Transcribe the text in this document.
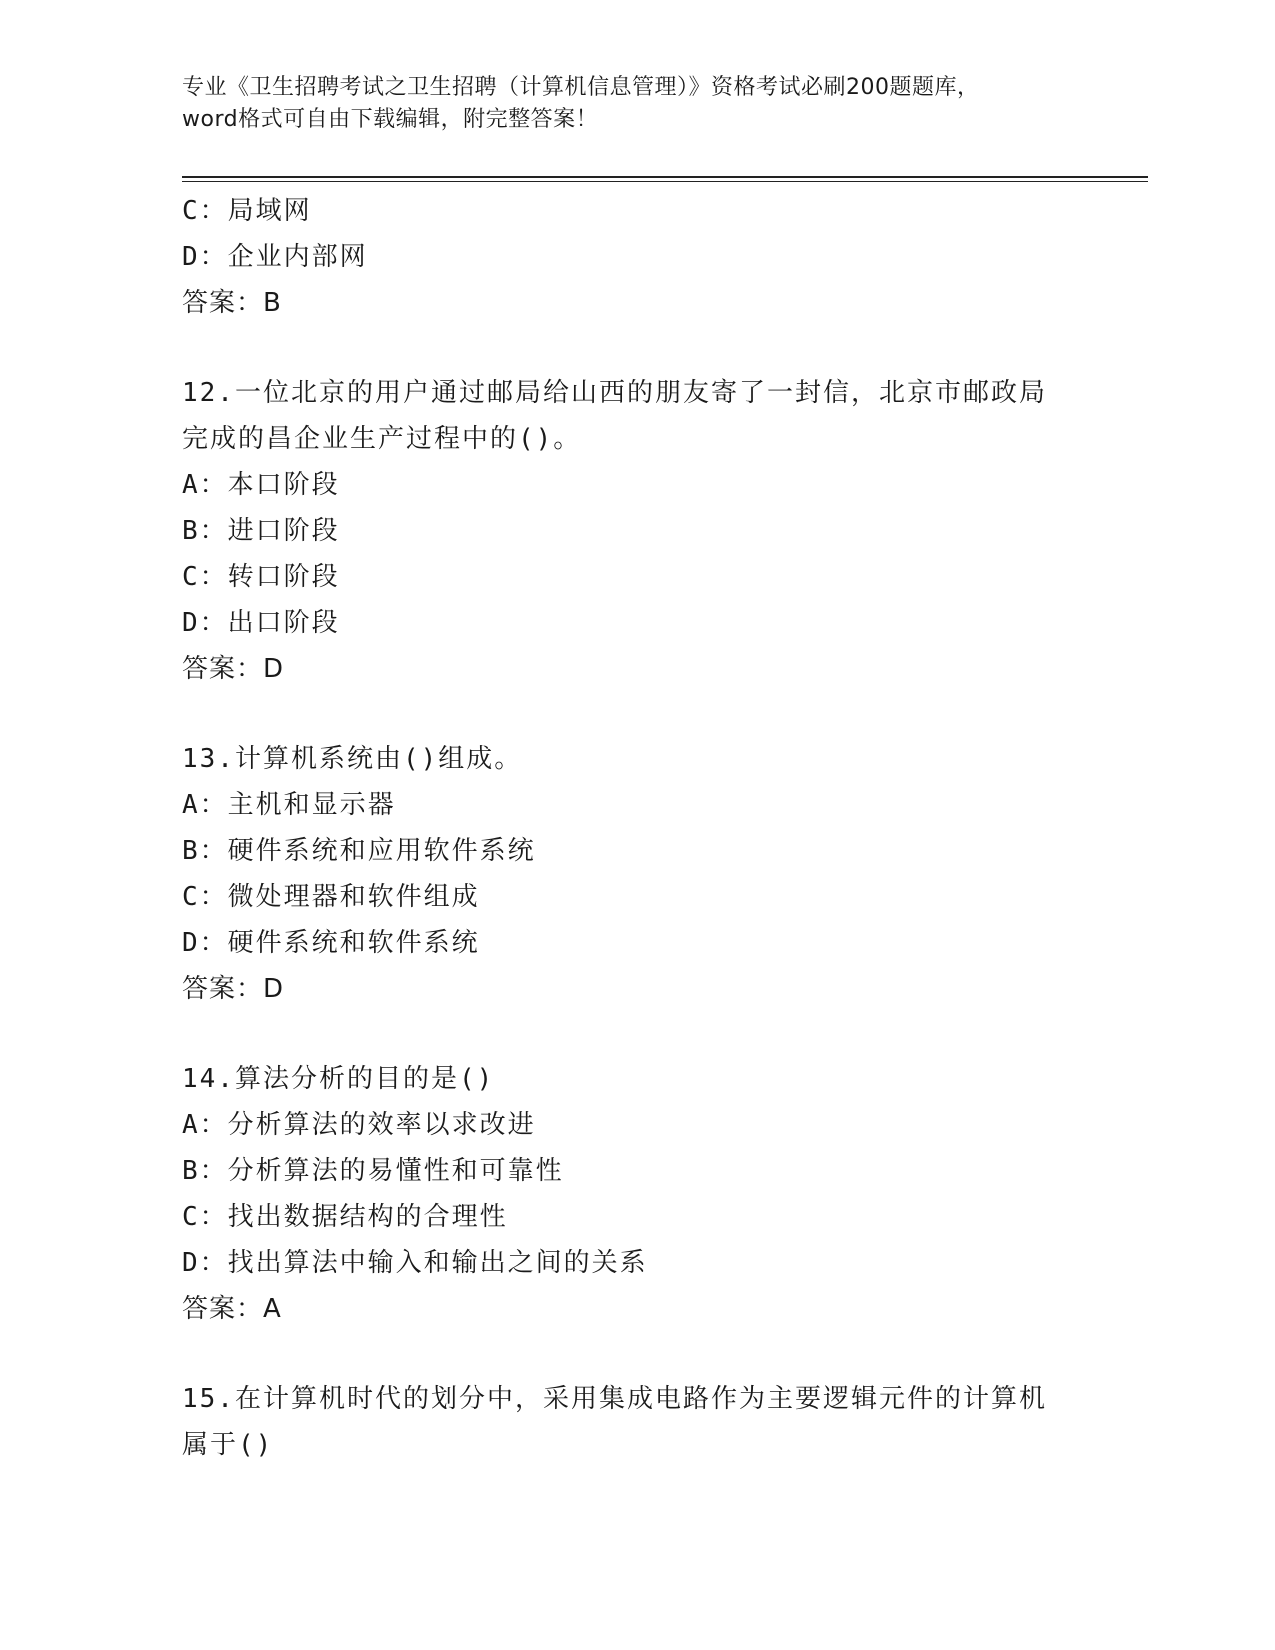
专业《卫生招聘考试之卫生招聘（计算机信息管理）》资格考试必刷200题题库，
word格式可自由下载编辑，附完整答案！
C：局域网
D：企业内部网
答案：B
12.一位北京的用户通过邮局给山西的朋友寄了一封信，北京市邮政局
完成的昌企业生产过程中的()。
A：本口阶段
B：进口阶段
C：转口阶段
D：出口阶段
答案：D
13.计算机系统由()组成。
A：主机和显示器
B：硬件系统和应用软件系统
C：微处理器和软件组成
D：硬件系统和软件系统
答案：D
14.算法分析的目的是()
A：分析算法的效率以求改进
B：分析算法的易懂性和可靠性
C：找出数据结构的合理性
D：找出算法中输入和输出之间的关系
答案：A
15.在计算机时代的划分中，采用集成电路作为主要逻辑元件的计算机
属于()
